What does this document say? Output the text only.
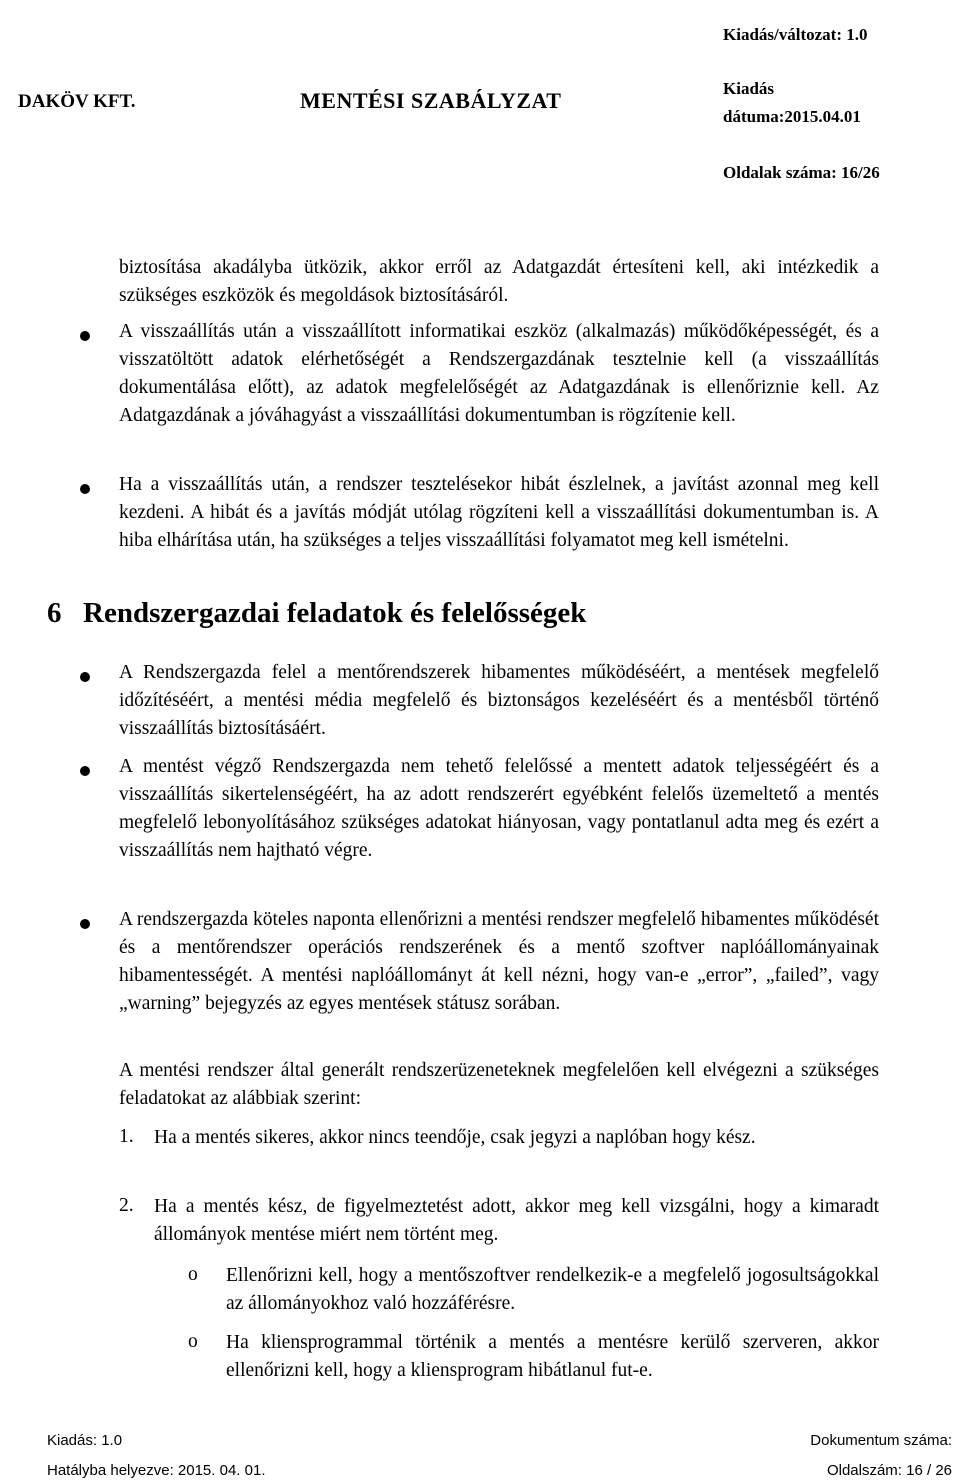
DAKÖV KFT.	MENTÉSI SZABÁLYZAT
Kiadás/változat: 1.0
Kiadás
dátuma:2015.04.01
Oldalak száma: 16/26
biztosítása akadályba ütközik, akkor erről az Adatgazdát értesíteni kell, aki intézkedik a szükséges eszközök és megoldások biztosításáról.
A visszaállítás után a visszaállított informatikai eszköz (alkalmazás) működőképességét, és a visszatöltött adatok elérhetőségét a Rendszergazdának tesztelnie kell (a visszaállítás dokumentálása előtt), az adatok megfelelőségét az Adatgazdának is ellenőriznie kell. Az Adatgazdának a jóváhagyást a visszaállítási dokumentumban is rögzítenie kell.
Ha a visszaállítás után, a rendszer tesztelésekor hibát észlelnek, a javítást azonnal meg kell kezdeni. A hibát és a javítás módját utólag rögzíteni kell a visszaállítási dokumentumban is. A hiba elhárítása után, ha szükséges a teljes visszaállítási folyamatot meg kell ismételni.
6 Rendszergazdai feladatok és felelősségek
A Rendszergazda felel a mentőrendszerek hibamentes működéséért, a mentések megfelelő időzítéséért, a mentési média megfelelő és biztonságos kezeléséért és a mentésből történő visszaállítás biztosításáért.
A mentést végző Rendszergazda nem tehető felelőssé a mentett adatok teljességéért és a visszaállítás sikertelenségéért, ha az adott rendszerért egyébként felelős üzemeltető a mentés megfelelő lebonyolításához szükséges adatokat hiányosan, vagy pontatlanul adta meg és ezért a visszaállítás nem hajtható végre.
A rendszergazda köteles naponta ellenőrizni a mentési rendszer megfelelő hibamentes működését és a mentőrendszer operációs rendszerének és a mentő szoftver naplóállományainak hibamentességét. A mentési naplóállományt át kell nézni, hogy van-e „error”, „failed”, vagy „warning” bejegyzés az egyes mentések státusz sorában.
A mentési rendszer által generált rendszerüzeneteknek megfelelően kell elvégezni a szükséges feladatokat az alábbiak szerint:
1. Ha a mentés sikeres, akkor nincs teendője, csak jegyzi a naplóban hogy kész.
2. Ha a mentés kész, de figyelmeztetést adott, akkor meg kell vizsgálni, hogy a kimaradt állományok mentése miért nem történt meg.
o Ellenőrizni kell, hogy a mentőszoftver rendelkezik-e a megfelelő jogosultságokkal az állományokhoz való hozzáférésre.
o Ha kliensprogrammal történik a mentés a mentésre kerülő szerveren, akkor ellenőrizni kell, hogy a kliensprogram hibátlanul fut-e.
Kiadás: 1.0	Dokumentum száma:
Hatályba helyezve: 2015. 04. 01.	Oldalszám: 16 / 26
